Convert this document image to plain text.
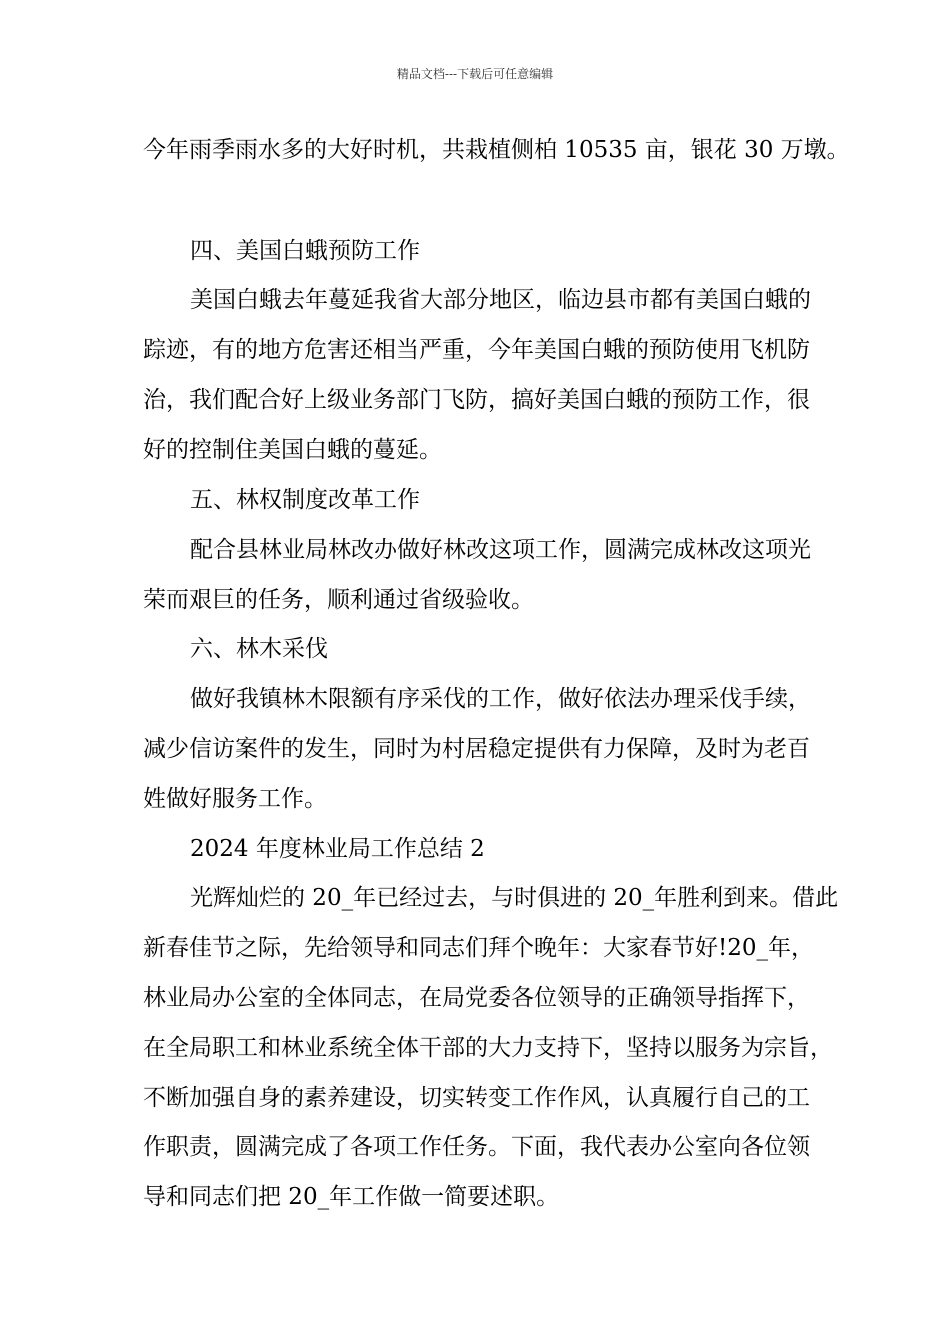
精品文档---下载后可任意编辑
今年雨季雨水多的大好时机，共栽植侧柏 10535 亩，银花 30 万墩。
四、美国白蛾预防工作
美国白蛾去年蔓延我省大部分地区，临边县市都有美国白蛾的
踪迹，有的地方危害还相当严重，今年美国白蛾的预防使用飞机防
治，我们配合好上级业务部门飞防，搞好美国白蛾的预防工作，很
好的控制住美国白蛾的蔓延。
五、林权制度改革工作
配合县林业局林改办做好林改这项工作，圆满完成林改这项光
荣而艰巨的任务，顺利通过省级验收。
六、林木采伐
做好我镇林木限额有序采伐的工作，做好依法办理采伐手续，
减少信访案件的发生，同时为村居稳定提供有力保障，及时为老百
姓做好服务工作。
2024 年度林业局工作总结 2
光辉灿烂的 20_年已经过去，与时俱进的 20_年胜利到来。借此
新春佳节之际，先给领导和同志们拜个晚年：大家春节好!20_年，
林业局办公室的全体同志，在局党委各位领导的正确领导指挥下，
在全局职工和林业系统全体干部的大力支持下，坚持以服务为宗旨，
不断加强自身的素养建设，切实转变工作作风，认真履行自己的工
作职责，圆满完成了各项工作任务。下面，我代表办公室向各位领
导和同志们把 20_年工作做一简要述职。
